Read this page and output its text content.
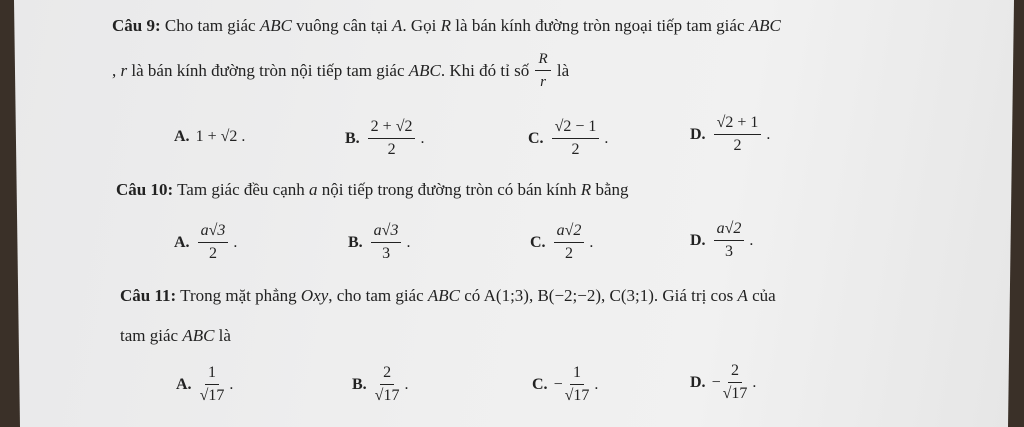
Câu 9: Cho tam giác ABC vuông cân tại A. Gọi R là bán kính đường tròn ngoại tiếp tam giác ABC
,
r
là bán kính đường tròn nội tiếp tam giác
ABC . Khi đó tỉ số
$\frac{R}{r}$
là
A. 1 + √2 .	B. $\frac{2 + √2}{2}$ .	C. $\frac{√2 - 1}{2}$ .	D. $\frac{√2 + 1}{2}$ .
Câu 10: Tam giác đều cạnh a nội tiếp trong đường tròn có bán kính R bằng
A. $\frac{a√3}{2}$ .	B. $\frac{a√3}{3}$ .	C. $\frac{a√2}{2}$ .	D. $\frac{a√2}{3}$ .
Câu 11: Trong mặt phẳng Oxy, cho tam giác ABC có A(1;3), B(−2;−2), C(3;1). Giá trị cos A của
tam giác ABC là
A. $\frac{1}{√17}$ .	B. $\frac{2}{√17}$ .	C. − $\frac{1}{√17}$ .	D. − $\frac{2}{√17}$ .
